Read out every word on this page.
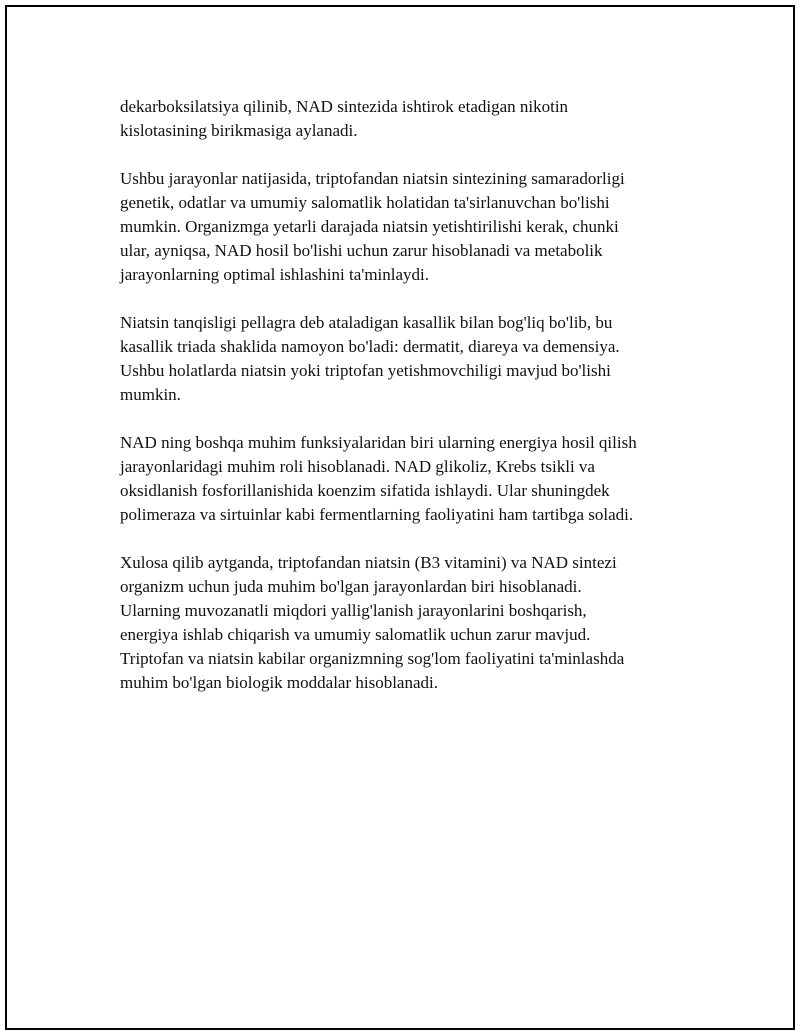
dekarboksilatsiya qilinib, NAD sintezida ishtirok etadigan nikotin
kislotasining birikmasiga aylanadi.

Ushbu jarayonlar natijasida, triptofandan niatsin sintezining samaradorligi
genetik, odatlar va umumiy salomatlik holatidan ta'sirlanuvchan bo'lishi
mumkin. Organizmga yetarli darajada niatsin yetishtirilishi kerak, chunki
ular, ayniqsa, NAD hosil bo'lishi uchun zarur hisoblanadi va metabolik
jarayonlarning optimal ishlashini ta'minlaydi.

Niatsin tanqisligi pellagra deb ataladigan kasallik bilan bog'liq bo'lib, bu
kasallik triada shaklida namoyon bo'ladi: dermatit, diareya va demensiya.
Ushbu holatlarda niatsin yoki triptofan yetishmovchiligi mavjud bo'lishi
mumkin.

NAD ning boshqa muhim funksiyalaridan biri ularning energiya hosil qilish
jarayonlaridagi muhim roli hisoblanadi. NAD glikoliz, Krebs tsikli va
oksidlanish fosforillanishida koenzim sifatida ishlaydi. Ular shuningdek
polimeraza va sirtuinlar kabi fermentlarning faoliyatini ham tartibga soladi.

Xulosa qilib aytganda, triptofandan niatsin (B3 vitamini) va NAD sintezi
organizm uchun juda muhim bo'lgan jarayonlardan biri hisoblanadi.
Ularning muvozanatli miqdori yallig'lanish jarayonlarini boshqarish,
energiya ishlab chiqarish va umumiy salomatlik uchun zarur mavjud.
Triptofan va niatsin kabilar organizmning sog'lom faoliyatini ta'minlashda
muhim bo'lgan biologik moddalar hisoblanadi.
